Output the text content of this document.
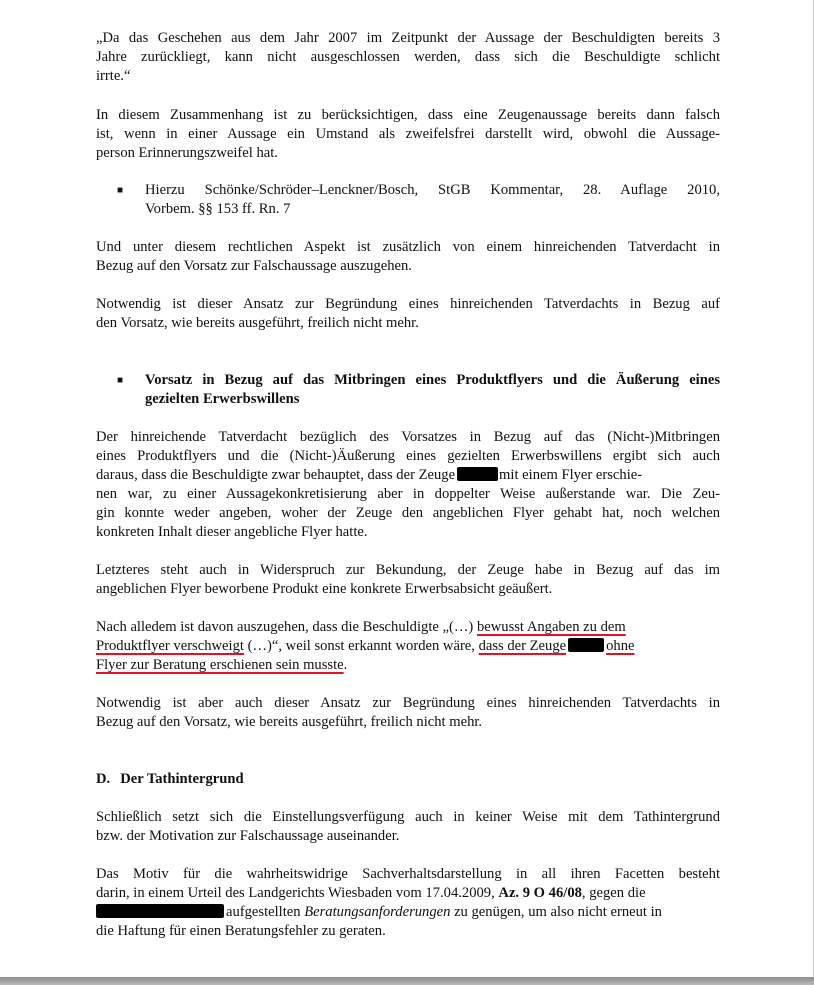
„Da das Geschehen aus dem Jahr 2007 im Zeitpunkt der Aussage der Beschuldigten bereits 3

Jahre zurückliegt, kann nicht ausgeschlossen werden, dass sich die Beschuldigte schlicht

irrte.“

In diesem Zusammenhang ist zu berücksichtigen, dass eine Zeugenaussage bereits dann falsch

ist, wenn in einer Aussage ein Umstand als zweifelsfrei darstellt wird, obwohl die Aussage-

person Erinnerungszweifel hat.

■	Hierzu Schönke/Schröder–Lenckner/Bosch, StGB Kommentar, 28. Auflage 2010,

Vorbem. §§ 153 ff. Rn. 7

Und unter diesem rechtlichen Aspekt ist zusätzlich von einem hinreichenden Tatverdacht in

Bezug auf den Vorsatz zur Falschaussage auszugehen.

Notwendig ist dieser Ansatz zur Begründung eines hinreichenden Tatverdachts in Bezug auf

den Vorsatz, wie bereits ausgeführt, freilich nicht mehr.

■	Vorsatz in Bezug auf das Mitbringen eines Produktflyers und die Äußerung eines

gezielten Erwerbswillens

Der hinreichende Tatverdacht bezüglich des Vorsatzes in Bezug auf das (Nicht-)Mitbringen

eines Produktflyers und die (Nicht-)Äußerung eines gezielten Erwerbswillens ergibt sich auch

daraus, dass die Beschuldigte zwar behauptet, dass der Zeuge	mit einem Flyer erschie-

nen war, zu einer Aussagekonkretisierung aber in doppelter Weise außerstande war. Die Zeu-

gin konnte weder angeben, woher der Zeuge den angeblichen Flyer gehabt hat, noch welchen

konkreten Inhalt dieser angebliche Flyer hatte.

Letzteres steht auch in Widerspruch zur Bekundung, der Zeuge habe in Bezug auf das im

angeblichen Flyer beworbene Produkt eine konkrete Erwerbsabsicht geäußert.

Nach alledem ist davon auszugehen, dass die Beschuldigte „(…) bewusst Angaben zu dem

Produktflyer verschweigt (…)“, weil sonst erkannt worden wäre, dass der Zeuge	ohne

Flyer zur Beratung erschienen sein musste.

Notwendig ist aber auch dieser Ansatz zur Begründung eines hinreichenden Tatverdachts in

Bezug auf den Vorsatz, wie bereits ausgeführt, freilich nicht mehr.

D. Der Tathintergrund

Schließlich setzt sich die Einstellungsverfügung auch in keiner Weise mit dem Tathintergrund

bzw. der Motivation zur Falschaussage auseinander.

Das Motiv für die wahrheitswidrige Sachverhaltsdarstellung in all ihren Facetten besteht

darin, in einem Urteil des Landgerichts Wiesbaden vom 17.04.2009, Az. 9 O 46/08, gegen die

aufgestellten Beratungsanforderungen zu genügen, um also nicht erneut in

die Haftung für einen Beratungsfehler zu geraten.
